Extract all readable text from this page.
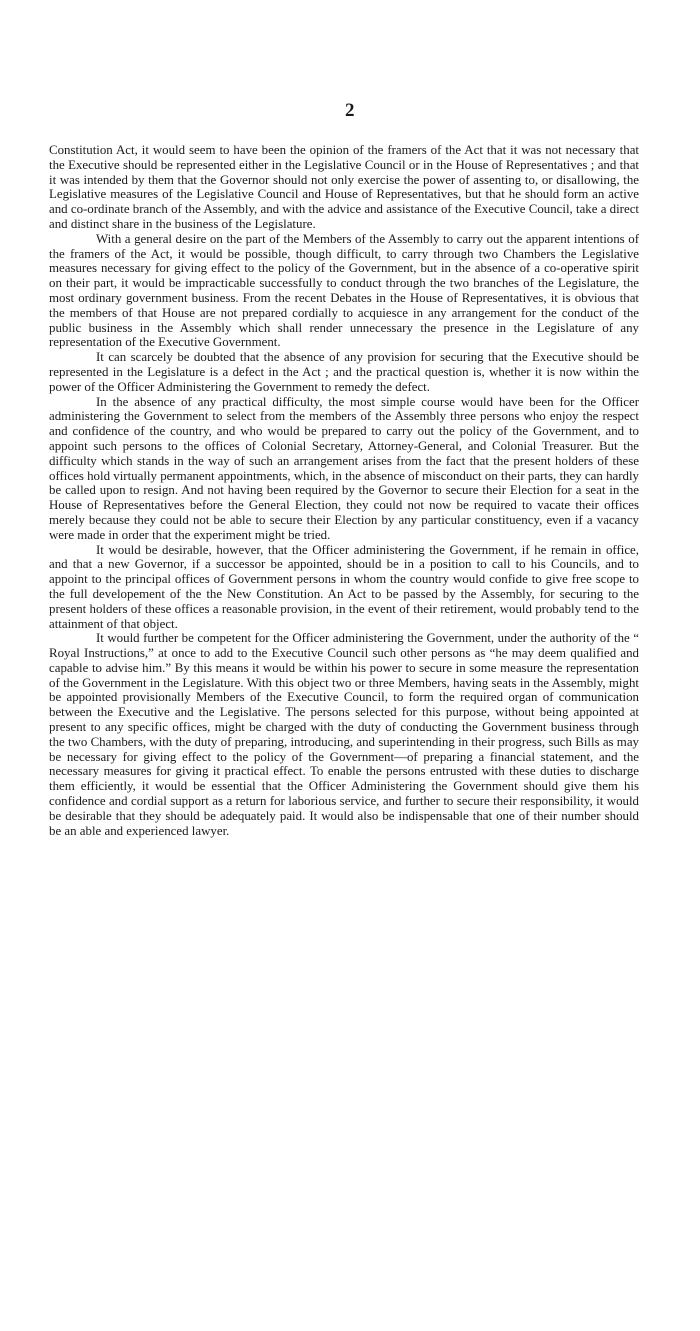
2

Constitution Act, it would seem to have been the opinion of the framers of the Act that it was not necessary that the Executive should be represented either in the Legislative Council or in the House of Representatives ; and that it was intended by them that the Governor should not only exercise the power of assenting to, or disallowing, the Legislative measures of the Legislative Council and House of Representatives, but that he should form an active and co-ordinate branch of the Assembly, and with the advice and assistance of the Executive Council, take a direct and distinct share in the business of the Legislature.

With a general desire on the part of the Members of the Assembly to carry out the apparent intentions of the framers of the Act, it would be possible, though difficult, to carry through two Chambers the Legislative measures necessary for giving effect to the policy of the Government, but in the absence of a co-operative spirit on their part, it would be impracticable successfully to conduct through the two branches of the Legislature, the most ordinary government business. From the recent Debates in the House of Representatives, it is obvious that the members of that House are not prepared cordially to acquiesce in any arrangement for the conduct of the public business in the Assembly which shall render unnecessary the presence in the Legislature of any representation of the Executive Government.

It can scarcely be doubted that the absence of any provision for securing that the Executive should be represented in the Legislature is a defect in the Act ; and the practical question is, whether it is now within the power of the Officer Administering the Government to remedy the defect.

In the absence of any practical difficulty, the most simple course would have been for the Officer administering the Government to select from the members of the Assembly three persons who enjoy the respect and confidence of the country, and who would be prepared to carry out the policy of the Government, and to appoint such persons to the offices of Colonial Secretary, Attorney-General, and Colonial Treasurer. But the difficulty which stands in the way of such an arrangement arises from the fact that the present holders of these offices hold virtually permanent appointments, which, in the absence of misconduct on their parts, they can hardly be called upon to resign. And not having been required by the Governor to secure their Election for a seat in the House of Representatives before the General Election, they could not now be required to vacate their offices merely because they could not be able to secure their Election by any particular constituency, even if a vacancy were made in order that the experiment might be tried.

It would be desirable, however, that the Officer administering the Government, if he remain in office, and that a new Governor, if a successor be appointed, should be in a position to call to his Councils, and to appoint to the principal offices of Government persons in whom the country would confide to give free scope to the full developement of the the New Constitution. An Act to be passed by the Assembly, for securing to the present holders of these offices a reasonable provision, in the event of their retirement, would probably tend to the attainment of that object.

It would further be competent for the Officer administering the Government, under the authority of the “ Royal Instructions,” at once to add to the Executive Council such other persons as “he may deem qualified and capable to advise him.” By this means it would be within his power to secure in some measure the representation of the Government in the Legislature. With this object two or three Members, having seats in the Assembly, might be appointed provisionally Members of the Executive Council, to form the required organ of communication between the Executive and the Legislative. The persons selected for this purpose, without being appointed at present to any specific offices, might be charged with the duty of conducting the Government business through the two Chambers, with the duty of preparing, introducing, and superintending in their progress, such Bills as may be necessary for giving effect to the policy of the Government—of preparing a financial statement, and the necessary measures for giving it practical effect. To enable the persons entrusted with these duties to discharge them efficiently, it would be essential that the Officer Administering the Government should give them his confidence and cordial support as a return for laborious service, and further to secure their responsibility, it would be desirable that they should be adequately paid. It would also be indispensable that one of their number should be an able and experienced lawyer.
